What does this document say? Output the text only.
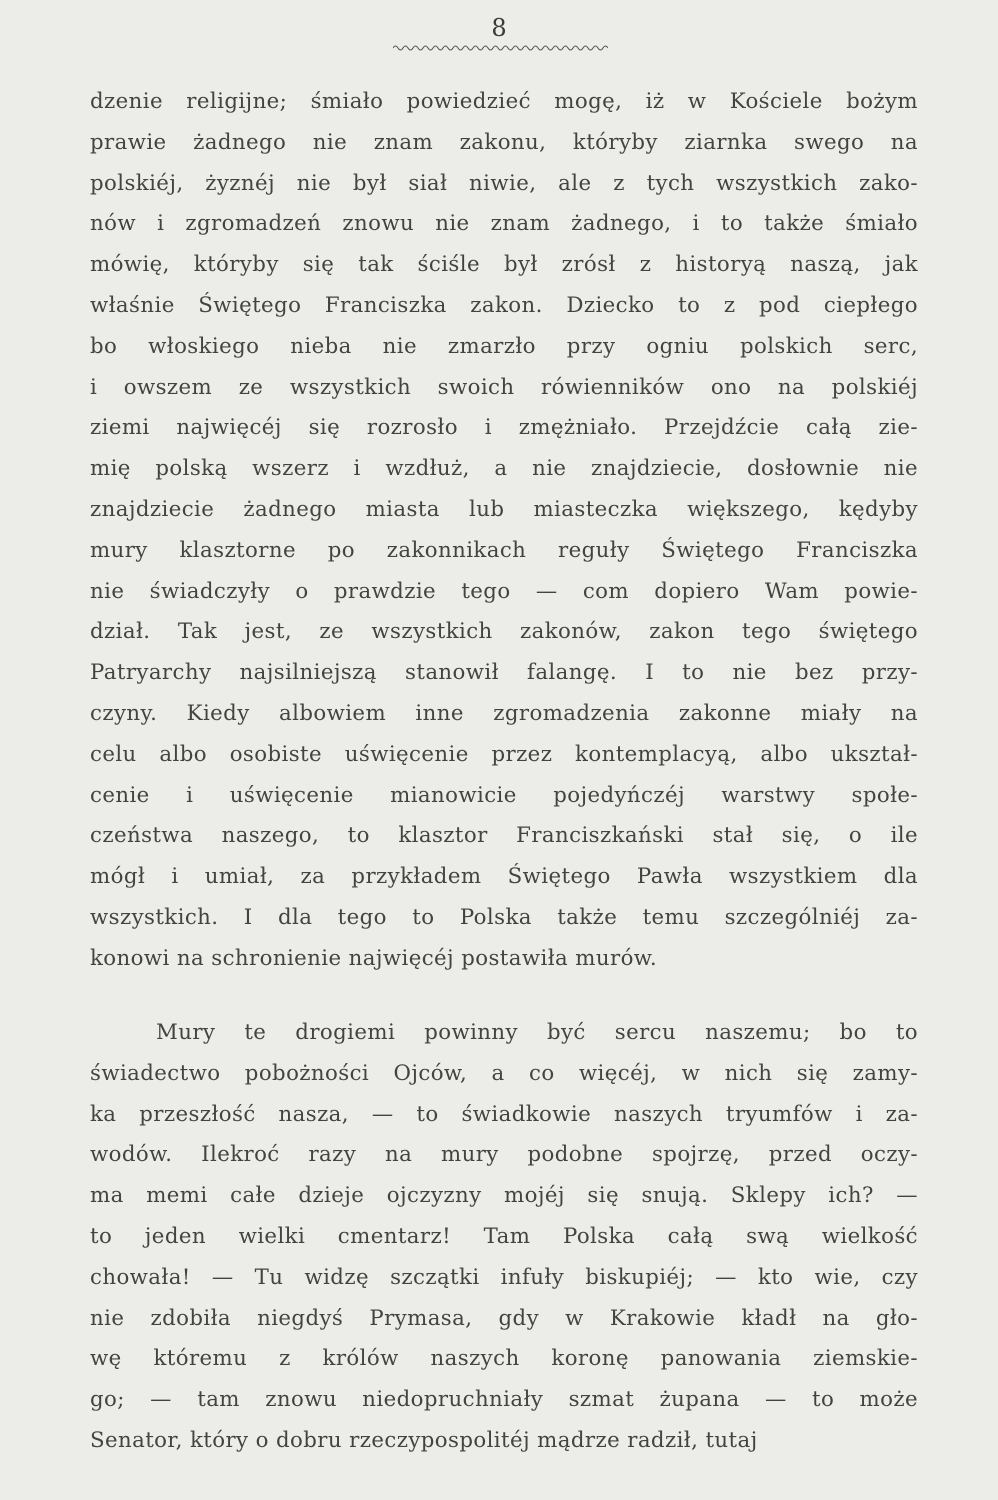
8
dzenie religijne; śmiało powiedzieć mogę, iż w Kościele bożym
prawie żadnego nie znam zakonu, któryby ziarnka swego na
polskiéj, żyznéj nie był siał niwie, ale z tych wszystkich zako-
nów i zgromadzeń znowu nie znam żadnego, i to także śmiało
mówię, któryby się tak ściśle był zrósł z historyą naszą, jak
właśnie Świętego Franciszka zakon. Dziecko to z pod ciepłego
bo włoskiego nieba nie zmarzło przy ogniu polskich serc,
i owszem ze wszystkich swoich rówienników ono na polskiéj
ziemi najwięcéj się rozrosło i zmężniało. Przejdźcie całą zie-
mię polską wszerz i wzdłuż, a nie znajdziecie, dosłownie nie
znajdziecie żadnego miasta lub miasteczka większego, kędyby
mury klasztorne po zakonnikach reguły Świętego Franciszka
nie świadczyły o prawdzie tego — com dopiero Wam powie-
dział. Tak jest, ze wszystkich zakonów, zakon tego świętego
Patryarchy najsilniejszą stanowił falangę. I to nie bez przy-
czyny. Kiedy albowiem inne zgromadzenia zakonne miały na
celu albo osobiste uświęcenie przez kontemplacyą, albo ukształ-
cenie i uświęcenie mianowicie pojedyńczéj warstwy społe-
czeństwa naszego, to klasztor Franciszkański stał się, o ile
mógł i umiał, za przykładem Świętego Pawła wszystkiem dla
wszystkich. I dla tego to Polska także temu szczególniéj za-
konowi na schronienie najwięcéj postawiła murów.
Mury te drogiemi powinny być sercu naszemu; bo to
świadectwo pobożności Ojców, a co więcéj, w nich się zamy-
ka przeszłość nasza, — to świadkowie naszych tryumfów i za-
wodów. Ilekroć razy na mury podobne spojrzę, przed oczy-
ma memi całe dzieje ojczyzny mojéj się snują. Sklepy ich? —
to jeden wielki cmentarz! Tam Polska całą swą wielkość
chowała! — Tu widzę szczątki infuły biskupiéj; — kto wie, czy
nie zdobiła niegdyś Prymasa, gdy w Krakowie kładł na gło-
wę któremu z królów naszych koronę panowania ziemskie-
go; — tam znowu niedopruchniały szmat żupana — to może
Senator, który o dobru rzeczypospolitéj mądrze radził, tutaj
